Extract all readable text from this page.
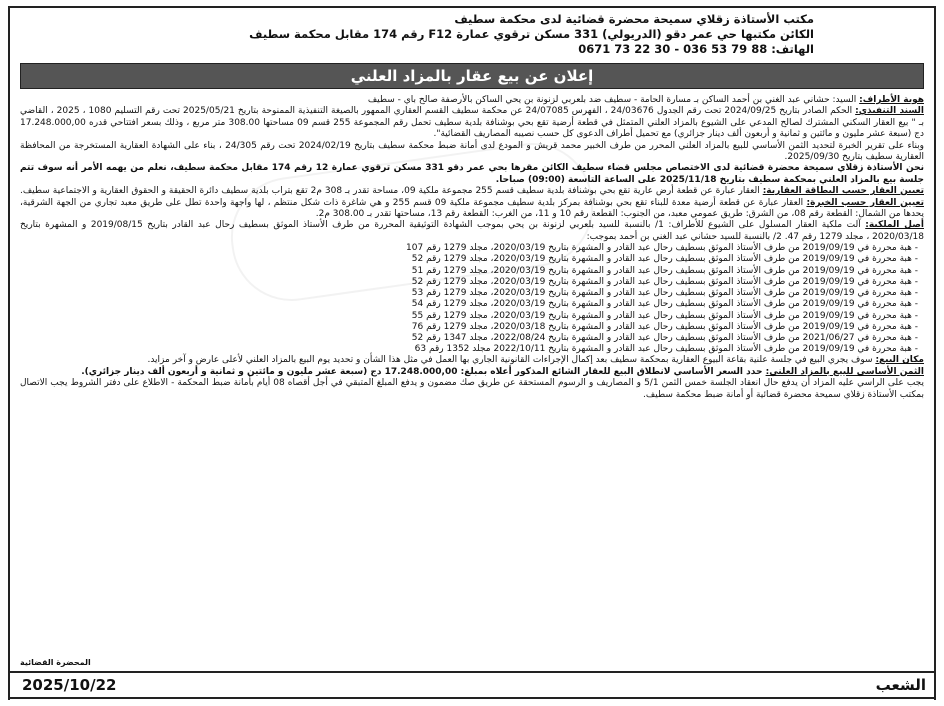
مكتب الأستاذة زقلاي سميحة محضرة قضائية لدى محكمة سطيف
الكائن مكتبها حي عمر دقو (الدريولي) 331 مسكن ترقوي عمارة F12 رقم 174 مقابل محكمة سطيف
الهاتف: 88 79 53 036 - 30 22 73 0671
إعلان عن بيع عقار بالمزاد العلني

هوية الأطراف: السيد: حشاني عبد الغني بن أحمد الساكن بـ مسارة الحامة - سطيف ضد بلعربي لزنونة بن يحي الساكن بالأرصفة صالح باي - سطيف

السند التنفيذي: الحكم الصادر بتاريخ 2024/09/25 تحت رقم الجدول 24/03676 ، الفهرس 24/07085 عن محكمة سطيف القسم العقاري الممهور بالصيغة التنفيذية الممنوحة بتاريخ 2025/05/21 تحت رقم التسليم 1080 ، 2025 ، القاضي بـ " بيع العقار السكني المشترك لصالح المدعي على الشيوع بالمزاد العلني المتمثل في قطعة أرضية تقع بحي بوشنافة بلدية سطيف تحمل رقم المجموعة 255 قسم 09 مساحتها 308.00 متر مربع ، وذلك بسعر افتتاحي قدره 17.248.000,00 دج (سبعة عشر مليون و مائتين و ثمانية و أربعون ألف دينار جزائري) مع تحميل أطراف الدعوى كل حسب نصيبه المصاريف القضائية".

وبناء على تقرير الخبرة لتحديد الثمن الأساسي للبيع بالمزاد العلني المحرر من طرف الخبير محمد قريش و المودع لدى أمانة ضبط محكمة سطيف بتاريخ 2024/02/19 تحت رقم 24/305 ، بناء على الشهادة العقارية المستخرجة من المحافظة العقارية سطيف بتاريخ 2025/09/30.

نحن الأستاذة زقلاي سميحة محضرة قضائية لدى الاختصاص مجلس قضاء سطيف الكائن مقرها بحي عمر دقو 331 مسكن ترقوي عمارة 12 رقم 174 مقابل محكمة سطيف، نعلم من يهمه الأمر أنه سوف تتم جلسة بيع بالمزاد العلني بمحكمة سطيف بتاريخ 2025/11/18 على الساعة التاسعة (09:00) صباحا.

تعيين العقار حسب البطاقة العقارية: العقار عبارة عن قطعة أرض عارية تقع بحي بوشنافة بلدية سطيف قسم 255 مجموعة ملكية 09، مساحة تقدر بـ 308 م2 تقع بتراب بلدية سطيف دائرة الحقيقة و الحقوق العقارية و الاجتماعية سطيف. تعيين العقار حسب الخبرة: العقار عبارة عن قطعة أرضية معدة للبناء تقع بحي بوشنافة بمركز بلدية سطيف مجموعة ملكية 09 قسم 255 و هي شاغرة ذات شكل منتظم ، لها واجهة واحدة تطل على طريق معبد تجاري من الجهة الشرقية، يحدها من الشمال: القطعة رقم 08، من الشرق: طريق عمومي معبد، من الجنوب: القطعة رقم 10 و 11، من الغرب: القطعة رقم 13، مساحتها تقدر بـ 308.00 م2.

أصل الملكية: آلت ملكية العقار المسلول على الشيوع للأطراف: 1/ بالنسبة للسيد بلعربي لزنونة بن يحي بموجب الشهادة التوثيقية المحررة من طرف الأستاذ الموثق بسطيف رحال عبد القادر بتاريخ 2019/08/15 و المشهرة بتاريخ 2020/03/18 ، مجلد 1279 رقم 47. 2/ بالنسبة للسيد حشاني عبد الغني بن أحمد بموجب:

- هبة محررة في 2019/09/19 من طرف الأستاذ الموثق بسطيف رحال عبد القادر و المشهرة بتاريخ 2020/03/19، مجلد 1279 رقم 107
- هبة محررة في 2019/09/19 من طرف الأستاذ الموثق بسطيف رحال عبد القادر و المشهرة بتاريخ 2020/03/19، مجلد 1279 رقم 52
- هبة محررة في 2019/09/19 من طرف الأستاذ الموثق بسطيف رحال عبد القادر و المشهرة بتاريخ 2020/03/19، مجلد 1279 رقم 51
- هبة محررة في 2019/09/19 من طرف الأستاذ الموثق بسطيف رحال عبد القادر و المشهرة بتاريخ 2020/03/19، مجلد 1279 رقم 52
- هبة محررة في 2019/09/19 من طرف الأستاذ الموثق بسطيف رحال عبد القادر و المشهرة بتاريخ 2020/03/19، مجلد 1279 رقم 53
- هبة محررة في 2019/09/19 من طرف الأستاذ الموثق بسطيف رحال عبد القادر و المشهرة بتاريخ 2020/03/19، مجلد 1279 رقم 54
- هبة محررة في 2019/09/19 من طرف الأستاذ الموثق بسطيف رحال عبد القادر و المشهرة بتاريخ 2020/03/19، مجلد 1279 رقم 55
- هبة محررة في 2019/09/19 من طرف الأستاذ الموثق بسطيف رحال عبد القادر و المشهرة بتاريخ 2020/03/18، مجلد 1279 رقم 76
- هبة محررة في 2021/06/27 من طرف الأستاذ الموثق بسطيف رحال عبد القادر و المشهرة بتاريخ 2022/08/24، مجلد 1347 رقم 52
- هبة محررة في 2019/09/19 من طرف الأستاذ الموثق بسطيف رحال عبد القادر و المشهرة بتاريخ 2022/10/11 مجلد 1352 رقم 63

مكان البيع: سوف يجري البيع في جلسة علنية بقاعة البيوع العقارية بمحكمة سطيف بعد إكمال الإجراءات القانونية الجاري بها العمل في مثل هذا الشأن و تحديد يوم البيع بالمزاد العلني لأعلى عارض و آخر مزايد.

الثمن الأساسي للبيع بالمزاد العلني: حدد السعر الأساسي لانطلاق البيع للعقار الشائع المذكور أعلاه بمبلغ: 17.248.000,00 دج (سبعة عشر مليون و مائتين و ثمانية و أربعون ألف دينار جزائري).

يجب على الراسي عليه المزاد أن يدفع حال انعقاد الجلسة خمس الثمن 5/1 و المصاريف و الرسوم المستحقة عن طريق صك مضمون و يدفع المبلغ المتبقي في أجل أقصاه 08 أيام بأمانة ضبط المحكمة - الاطلاع على دفتر الشروط يجب الاتصال بمكتب الأستاذة زقلاي سميحة محضرة قضائية أو أمانة ضبط محكمة سطيف.

المحضرة القضائية
الشعب
2025/10/22
